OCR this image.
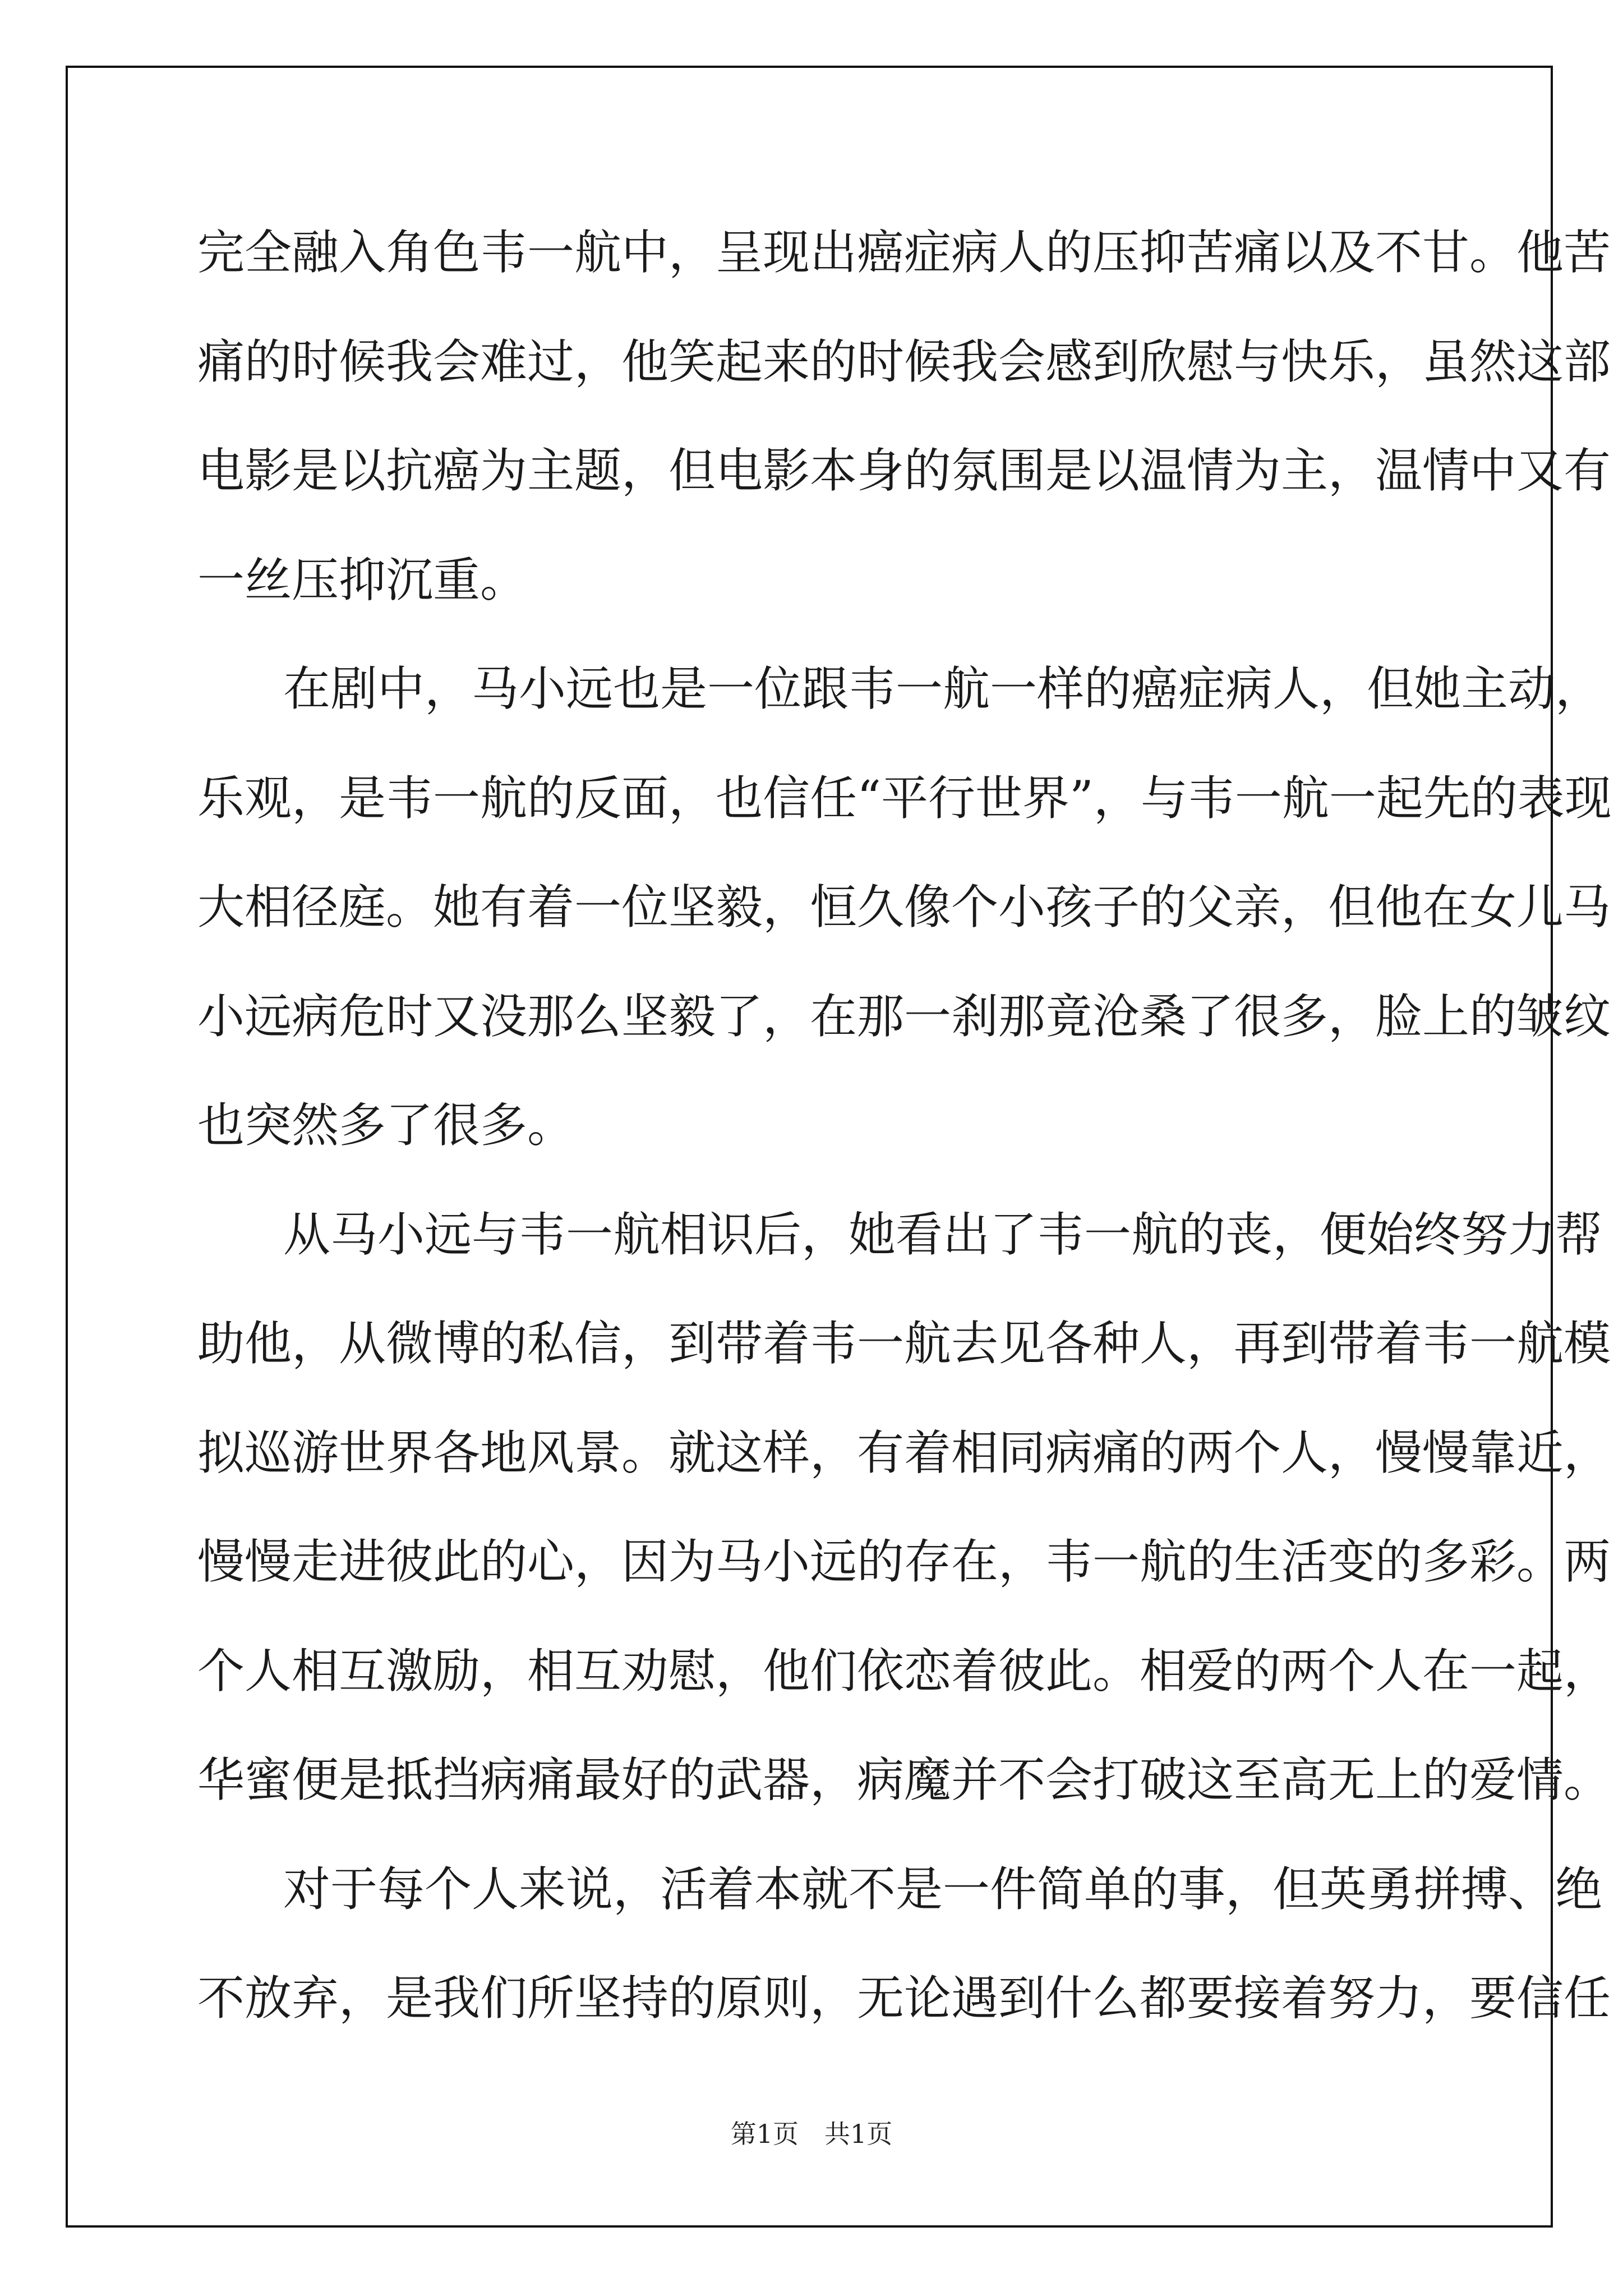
完全融入角色韦一航中，呈现出癌症病人的压抑苦痛以及不甘。他苦
痛的时候我会难过，他笑起来的时候我会感到欣慰与快乐，虽然这部
电影是以抗癌为主题，但电影本身的氛围是以温情为主，温情中又有
一丝压抑沉重。
在剧中，马小远也是一位跟韦一航一样的癌症病人，但她主动，
乐观，是韦一航的反面，也信任“平行世界”，与韦一航一起先的表现
大相径庭。她有着一位坚毅，恒久像个小孩子的父亲，但他在女儿马
小远病危时又没那么坚毅了，在那一刹那竟沧桑了很多，脸上的皱纹
也突然多了很多。
从马小远与韦一航相识后，她看出了韦一航的丧，便始终努力帮
助他，从微博的私信，到带着韦一航去见各种人，再到带着韦一航模
拟巡游世界各地风景。就这样，有着相同病痛的两个人，慢慢靠近，
慢慢走进彼此的心，因为马小远的存在，韦一航的生活变的多彩。两
个人相互激励，相互劝慰，他们依恋着彼此。相爱的两个人在一起，
华蜜便是抵挡病痛最好的武器，病魔并不会打破这至高无上的爱情。
对于每个人来说，活着本就不是一件简单的事，但英勇拼搏、绝
不放弃，是我们所坚持的原则，无论遇到什么都要接着努力，要信任
第1页　共1页
